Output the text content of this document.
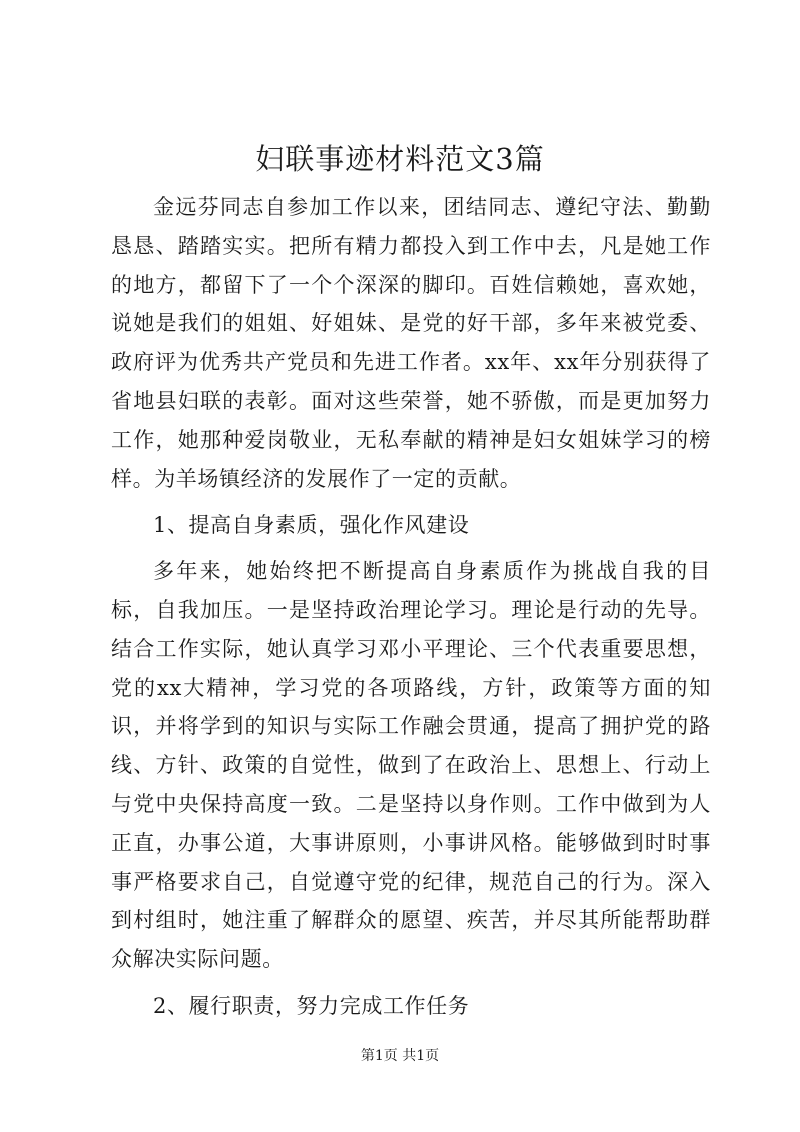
妇联事迹材料范文3篇

金远芬同志自参加工作以来，团结同志、遵纪守法、勤勤恳恳、踏踏实实。把所有精力都投入到工作中去，凡是她工作的地方，都留下了一个个深深的脚印。百姓信赖她，喜欢她，说她是我们的姐姐、好姐妹、是党的好干部，多年来被党委、政府评为优秀共产党员和先进工作者。xx年、xx年分别获得了省地县妇联的表彰。面对这些荣誉，她不骄傲，而是更加努力工作，她那种爱岗敬业，无私奉献的精神是妇女姐妹学习的榜样。为羊场镇经济的发展作了一定的贡献。

1、提高自身素质，强化作风建设

多年来，她始终把不断提高自身素质作为挑战自我的目标，自我加压。一是坚持政治理论学习。理论是行动的先导。结合工作实际，她认真学习邓小平理论、三个代表重要思想，党的xx大精神，学习党的各项路线，方针，政策等方面的知识，并将学到的知识与实际工作融会贯通，提高了拥护党的路线、方针、政策的自觉性，做到了在政治上、思想上、行动上与党中央保持高度一致。二是坚持以身作则。工作中做到为人正直，办事公道，大事讲原则，小事讲风格。能够做到时时事事严格要求自己，自觉遵守党的纪律，规范自己的行为。深入到村组时，她注重了解群众的愿望、疾苦，并尽其所能帮助群众解决实际问题。

2、履行职责，努力完成工作任务

第1页 共1页
